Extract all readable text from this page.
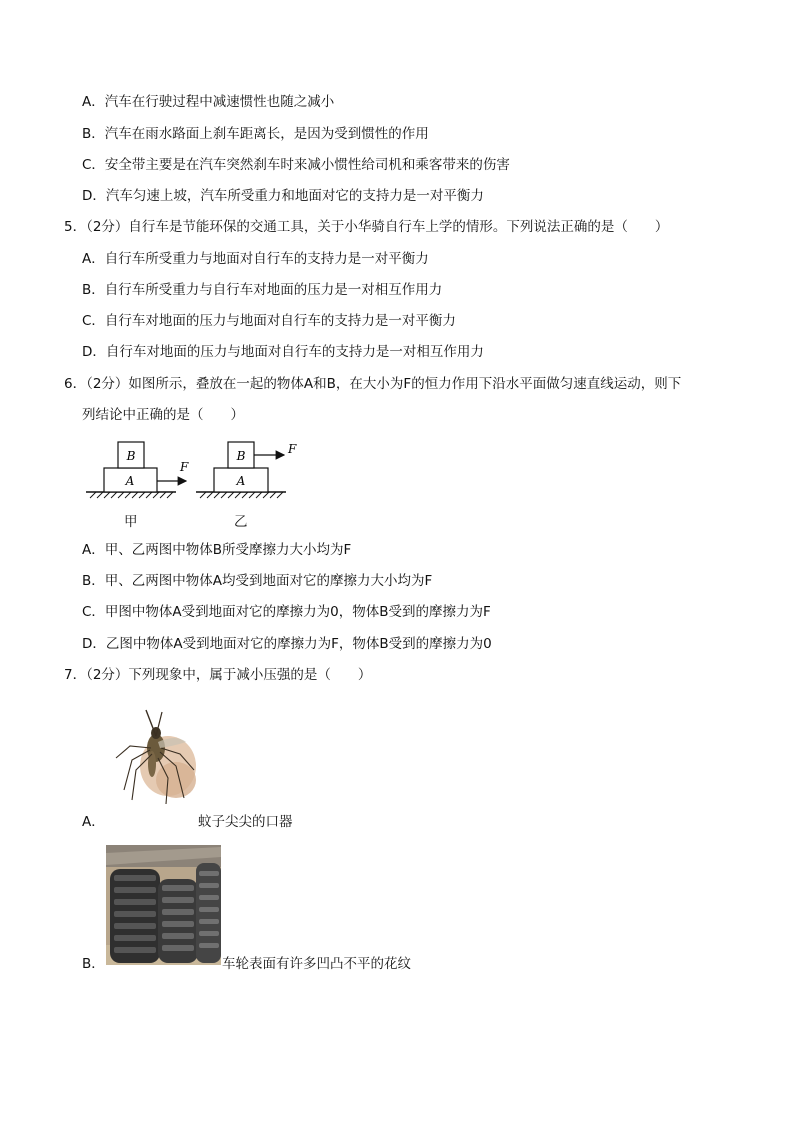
A．汽车在行驶过程中减速惯性也随之减小
B．汽车在雨水路面上刹车距离长，是因为受到惯性的作用
C．安全带主要是在汽车突然刹车时来减小惯性给司机和乘客带来的伤害
D．汽车匀速上坡，汽车所受重力和地面对它的支持力是一对平衡力
5．（2分）自行车是节能环保的交通工具，关于小华骑自行车上学的情形。下列说法正确的是（　　）
A．自行车所受重力与地面对自行车的支持力是一对平衡力
B．自行车所受重力与自行车对地面的压力是一对相互作用力
C．自行车对地面的压力与地面对自行车的支持力是一对平衡力
D．自行车对地面的压力与地面对自行车的支持力是一对相互作用力
6．（2分）如图所示，叠放在一起的物体A和B，在大小为F的恒力作用下沿水平面做匀速直线运动，则下
列结论中正确的是（　　）
A
B
F
A
B	F
甲	乙
A．甲、乙两图中物体B所受摩擦力大小均为F
B．甲、乙两图中物体A均受到地面对它的摩擦力大小均为F
C．甲图中物体A受到地面对它的摩擦力为0，物体B受到的摩擦力为F
D．乙图中物体A受到地面对它的摩擦力为F，物体B受到的摩擦力为0
7．（2分）下列现象中，属于减小压强的是（　　）
A．	蚊子尖尖的口器
B．	车轮表面有许多凹凸不平的花纹
